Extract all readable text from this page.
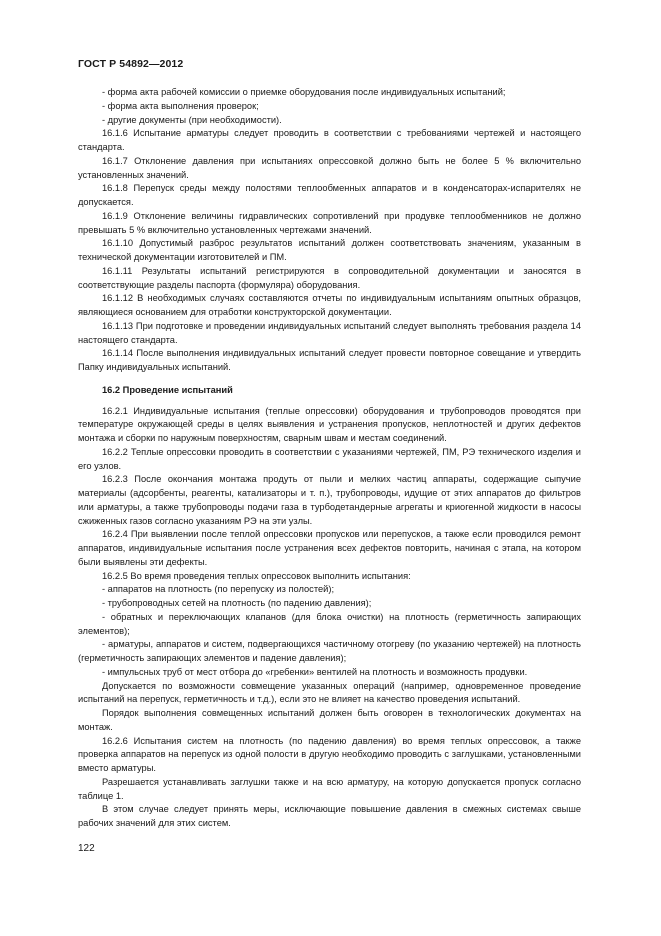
ГОСТ Р 54892—2012

- форма акта рабочей комиссии о приемке оборудования после индивидуальных испытаний;

- форма акта выполнения проверок;

- другие документы (при необходимости).

16.1.6 Испытание арматуры следует проводить в соответствии с требованиями чертежей и настоящего стандарта.

16.1.7 Отклонение давления при испытаниях опрессовкой должно быть не более 5 % включительно установленных значений.

16.1.8 Перепуск среды между полостями теплообменных аппаратов и в конденсаторах-испарителях не допускается.

16.1.9 Отклонение величины гидравлических сопротивлений при продувке теплообменников не должно превышать 5 % включительно установленных чертежами значений.

16.1.10 Допустимый разброс результатов испытаний должен соответствовать значениям, указанным в технической документации изготовителей и ПМ.

16.1.11 Результаты испытаний регистрируются в сопроводительной документации и заносятся в соответствующие разделы паспорта (формуляра) оборудования.

16.1.12 В необходимых случаях составляются отчеты по индивидуальным испытаниям опытных образцов, являющиеся основанием для отработки конструкторской документации.

16.1.13 При подготовке и проведении индивидуальных испытаний следует выполнять требования раздела 14 настоящего стандарта.

16.1.14 После выполнения индивидуальных испытаний следует провести повторное совещание и утвердить Папку индивидуальных испытаний.

16.2 Проведение испытаний

16.2.1 Индивидуальные испытания (теплые опрессовки) оборудования и трубопроводов проводятся при температуре окружающей среды в целях выявления и устранения пропусков, неплотностей и других дефектов монтажа и сборки по наружным поверхностям, сварным швам и местам соединений.

16.2.2 Теплые опрессовки проводить в соответствии с указаниями чертежей, ПМ, РЭ технического изделия и его узлов.

16.2.3 После окончания монтажа продуть от пыли и мелких частиц аппараты, содержащие сыпучие материалы (адсорбенты, реагенты, катализаторы и т. п.), трубопроводы, идущие от этих аппаратов до фильтров или арматуры, а также трубопроводы подачи газа в турбодетандерные агрегаты и криогенной жидкости в насосы сжиженных газов согласно указаниям РЭ на эти узлы.

16.2.4 При выявлении после теплой опрессовки пропусков или перепусков, а также если проводился ремонт аппаратов, индивидуальные испытания после устранения всех дефектов повторить, начиная с этапа, на котором были выявлены эти дефекты.

16.2.5 Во время проведения теплых опрессовок выполнить испытания:

- аппаратов на плотность (по перепуску из полостей);

- трубопроводных сетей на плотность (по падению давления);

- обратных и переключающих клапанов (для блока очистки) на плотность (герметичность запирающих элементов);

- арматуры, аппаратов и систем, подвергающихся частичному отогреву (по указанию чертежей) на плотность (герметичность запирающих элементов и падение давления);

- импульсных труб от мест отбора до «гребенки» вентилей на плотность и возможность продувки.

Допускается по возможности совмещение указанных операций (например, одновременное проведение испытаний на перепуск, герметичность и т.д.), если это не влияет на качество проведения испытаний.

Порядок выполнения совмещенных испытаний должен быть оговорен в технологических документах на монтаж.

16.2.6 Испытания систем на плотность (по падению давления) во время теплых опрессовок, а также проверка аппаратов на перепуск из одной полости в другую необходимо проводить с заглушками, установленными вместо арматуры.

Разрешается устанавливать заглушки также и на всю арматуру, на которую допускается пропуск согласно таблице 1.

В этом случае следует принять меры, исключающие повышение давления в смежных системах свыше рабочих значений для этих систем.

122
